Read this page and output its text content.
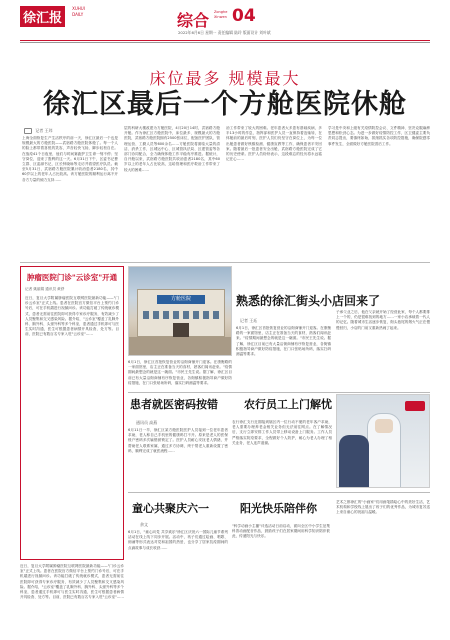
徐汇报 XUHUI
DAILY	综合 Zonghe
Xinwen 04
2022年6月6日 星期一 责任编辑 陆玲 版面设计 刘叶斌
床位最多 规模最大
徐汇区最后一个方舱医院休舱
记者 王玮
上海全面恢复生产生活秩序的前一天，徐汇区最后一个也是规模最大的方舱医院——武宿路方舱医院休舱了。每一个人的脸上都带着喜悦的笑容，声音轻快飞扬，脚步轻松自在。在战疫41个日夜里，他们与时间赛跑护卫生命一刻不停；坚守岗位，迎来了胜利的这一天。6月31日下午，区委书记曹立群、区委副书记、区长钟晓咏等走访并看望医疗队员。截至5月31日，武宿路方舱医院累计收治患者2180名，其中60岁以上的老年人占比较高。该方舱医院的顺利运行离不开各方力量的倾力支持……
层的科研大楼改建为方舱医院，4月20日14时，武宿路方舱开舱。作为徐汇区方舱医院中，床位最多、规模最大的方舱医院，武宿路方舱医院拥有2500张床位，配备医护团队、管理运营、工勤人员等600余名……方舱医院将面临大量的清洁、消杀工作，区城运中心、区城管执法局、区建管委等各部门协同配合，全力确保休舱工作平稳有序推进。据统计，自开舱以来，武宿路方舱医院共收治患者2180名，其中60岁以上的老年人占比较高，这给管理和医疗救治工作带来了较大的困难……
治工作带来了较大的困难。老年患者大多患有基础疾病，多半13小时的作息，指挥部和医护人员一直保持着连轴转，在休舱前的最后时刻，医护人员们仍坚守在岗位上，为每一位出舱患者做好核酸检测、健康宣教等工作，确保患者平安回家。随着最后一批患者安全出舱，武宿路方舱医院完成了它的历史使命。医护人员纷纷表示，这段难忘的经历将永远铭记在心……
学习是中央和上级有关疫情防控会议、文件精神、坚决克服麻痹思想和松劲心态。为进一步做好疫情防控工作，区卫健委主要负责同志提出，要慎终如始，抓细抓实各项防控措施，确保院感零事件发生，全面做好方舱医院善后工作。
肿瘤医院门诊"云诊室"开通
记者 姚丽娟 通讯员 黄舒
近日，复旦大学附属肿瘤医院互联网医院最新功能——"门诊云诊室"正式上线。患者在医院官方微信平台上预约门诊号后，可在手机端进行视频问诊。该功能打破了传统就诊模式，患者无需前往医院即可获得专家诊疗服务，有效减少了人员聚集和交叉感染风险。据介绍，"云诊室"覆盖了乳腺外科、胸外科、头颈外科等多个科室，患者通过手机即可与医生实时沟通，医生可根据患者病情开具检查、处方等。目前，医院已有数百名专家入驻"云诊室"……
方舱医院	熟悉的徐汇街头小店回来了
记者 王珏
6月1日，徐汇区首批恢复营业的沿街商铺开门迎客。在康衡路的一家面馆里，店主正在准备当天的食材，熟客们闻讯赶来。"疫情期间最想念的就是这一碗面。"市民王先生说。据了解，徐汇区目前已有大量沿街商铺有序恢复营业，各街镇积极指导商户做好防疫措施，在门口张贴场所码，落实扫码测温等要求。
子承父业之后，他在父亲就开始了经营此家，每个人都要排上一个的，仍是很难找到的地方……一家小店承载着一代人的记忆。随着城市生活逐步恢复，街头巷尾的烟火气正在慢慢回归，小店的门前又重新热闹了起来。
6月1日，徐汇区首批恢复营业的沿街商铺开门迎客。在康衡路的一家面馆里，店主正在准备当天的食材，熟客们闻讯赶来。"疫情期间最想念的就是这一碗面。"市民王先生说。据了解，徐汇区目前已有大量沿街商铺有序恢复营业，各街镇积极指导商户做好防疫措施，在门口张贴场所码，落实扫码测温等要求。
患者就医密码按错
通讯员 高燕
6月11日一早，徐汇区某方舱医院医护人员接到一位老年患者求助，老人称自己手机里的健康码打不开。原来是老人的医保账户密码多次输错被锁定了。医护人员耐心安抚老人情绪，并帮助老人联系家属，通过多方协调，终于帮老人重新设置了密码，顺利完成了就医流程……
农行员工上门解忧
农行徐汇支行近期接到辖区内一位行动不便的老年客户求助，老人需要办理养老金相关业务但无法前往网点。在了解情况后，支行立即安排工作人员带上移动设备上门服务。工作人员严格落实防疫要求，全程做好个人防护，耐心为老人办理了相关业务，老人连声道谢。
童心共聚庆六一
余文
6月1日，"童心向党 共享欢乐"徐汇区庆祝六一国际儿童节系列活动在线上线下同步开展。活动中，孩子们通过绘画、唱歌、朗诵等形式表达对党和祖国的热爱，也分享了居家抗疫期间的点滴故事与成长收获……
阳光快乐陪伴你
"科学动画小主播"评选活动日前启动，面向全区中小学生征集科普动画配音作品，鼓励孩子们在居家期间用科学知识陪伴彼此，传递阳光与快乐。
艺术之都徐汇的"小画家"们用画笔描绘心中的美好生活，艺术机构和学校线上展出了孩子们的优秀作品，为城市复苏送上来自童心的祝福与温暖。
近日，复旦大学附属肿瘤医院互联网医院最新功能——"门诊云诊室"正式上线。患者在医院官方微信平台上预约门诊号后，可在手机端进行视频问诊。该功能打破了传统就诊模式，患者无需前往医院即可获得专家诊疗服务，有效减少了人员聚集和交叉感染风险。据介绍，"云诊室"覆盖了乳腺外科、胸外科、头颈外科等多个科室，患者通过手机即可与医生实时沟通，医生可根据患者病情开具检查、处方等。目前，医院已有数百名专家入驻"云诊室"……
